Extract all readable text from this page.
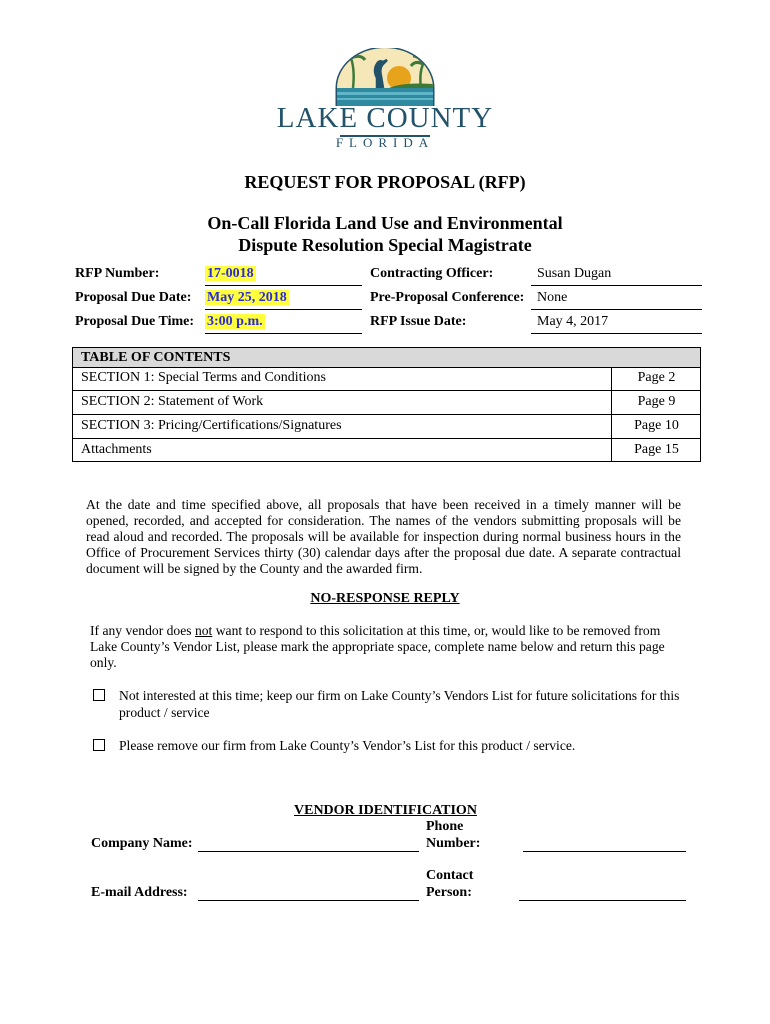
LAKE COUNTY
FLORIDA
REQUEST FOR PROPOSAL (RFP)
On-Call Florida Land Use and Environmental
Dispute Resolution Special Magistrate
RFP Number:	17-0018	Contracting Officer:	Susan Dugan
Proposal Due Date: May 25, 2018	Pre-Proposal Conference: None
Proposal Due Time: 3:00 p.m.	RFP Issue Date:	May 4, 2017
TABLE OF CONTENTS
SECTION 1: Special Terms and Conditions	Page 2
SECTION 2: Statement of Work	Page 9
SECTION 3: Pricing/Certifications/Signatures	Page 10
Attachments	Page 15
At the date and time specified above, all proposals that have been received in a timely manner will be opened, recorded, and accepted for consideration. The names of the vendors submitting proposals will be read aloud and recorded. The proposals will be available for inspection during normal business hours in the Office of Procurement Services thirty (30) calendar days after the proposal due date. A separate contractual document will be signed by the County and the awarded firm.
NO-RESPONSE REPLY
If any vendor does not want to respond to this solicitation at this time, or, would like to be removed from Lake County’s Vendor List, please mark the appropriate space, complete name below and return this page only.
Not interested at this time; keep our firm on Lake County’s Vendors List for future solicitations for this product / service
Please remove our firm from Lake County’s Vendor’s List for this product / service.
VENDOR IDENTIFICATION
Company Name:
Phone
Number:
E-mail Address:
Contact
Person:
